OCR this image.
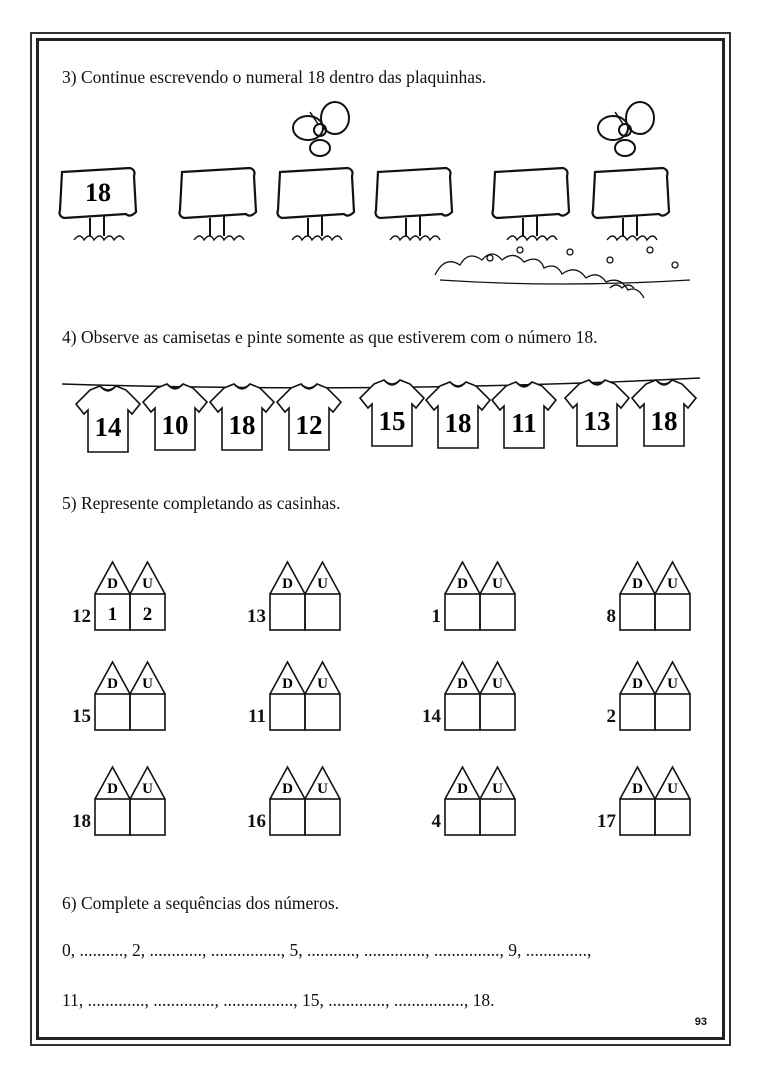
3) Continue escrevendo o numeral 18 dentro das plaquinhas.
18
4) Observe as camisetas e pinte somente as que estiverem com o número 18.
14 10 18 12 15 18 11 13 18
5) Represente completando as casinhas.
D U
1 2
12
D U
13
D U
1
D U
8
D U
15
D U
11
D U
14
D U
2
D U
18
D U
16
D U
4
D U
17
6) Complete a sequências dos números.
0, .........., 2, ............, ................, 5, ..........., .............., ..............., 9, ..............,
11, ............., .............., ................, 15, ............., ................, 18.
93
